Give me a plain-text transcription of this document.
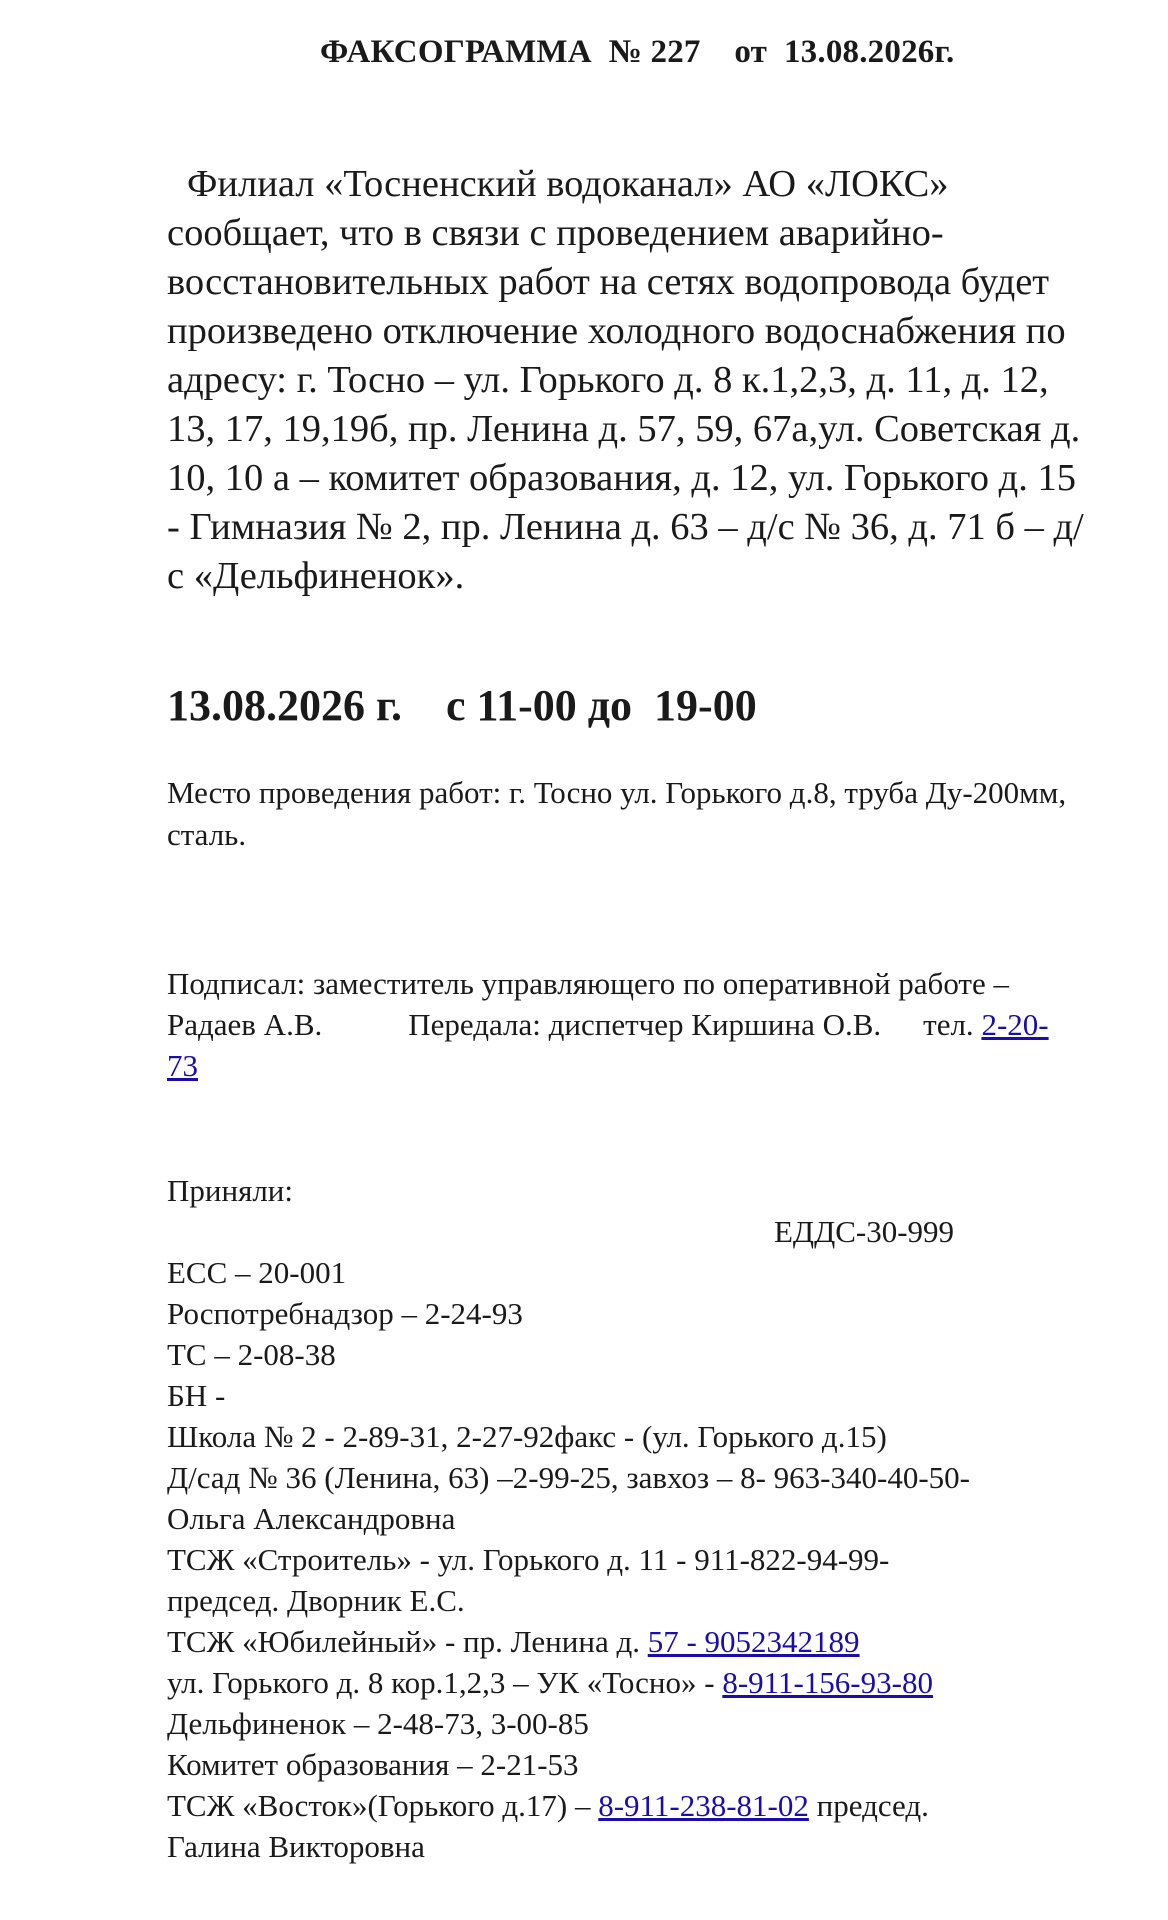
ФАКСОГРАММА  № 227    от  13.08.2026г.
Филиал «Тосненский водоканал» АО «ЛОКС» сообщает, что в связи с проведением аварийно-восстановительных работ на сетях водопровода будет произведено отключение холодного водоснабжения по адресу: г. Тосно – ул. Горького д. 8 к.1,2,3, д. 11, д. 12, 13, 17, 19,19б, пр. Ленина д. 57, 59, 67а,ул. Советская д. 10, 10 а – комитет образования, д. 12, ул. Горького д. 15 - Гимназия № 2, пр. Ленина д. 63 – д/с № 36, д. 71 б – д/с «Дельфиненок».
13.08.2026 г. с 11-00 до  19-00
Место проведения работ: г. Тосно ул. Горького д.8, труба Ду-200мм, сталь.
Подписал: заместитель управляющего по оперативной работе – Радаев А.В.	Передала: диспетчер Киршина О.В. тел. 2-20-73
Приняли:
ЕДДС-30-999
ЕСС – 20-001
Роспотребнадзор – 2-24-93
ТС – 2-08-38
БН -
Школа № 2 - 2-89-31, 2-27-92факс - (ул. Горького д.15)
Д/сад № 36 (Ленина, 63) –2-99-25, завхоз – 8- 963-340-40-50-
Ольга Александровна
ТСЖ «Строитель» - ул. Горького д. 11 - 911-822-94-99-
председ. Дворник Е.С.
ТСЖ «Юбилейный» - пр. Ленина д. 57 - 9052342189
ул. Горького д. 8 кор.1,2,3 – УК «Тосно» - 8-911-156-93-80
Дельфиненок – 2-48-73, 3-00-85
Комитет образования – 2-21-53
ТСЖ «Восток»(Горького д.17) – 8-911-238-81-02 председ.
Галина Викторовна
